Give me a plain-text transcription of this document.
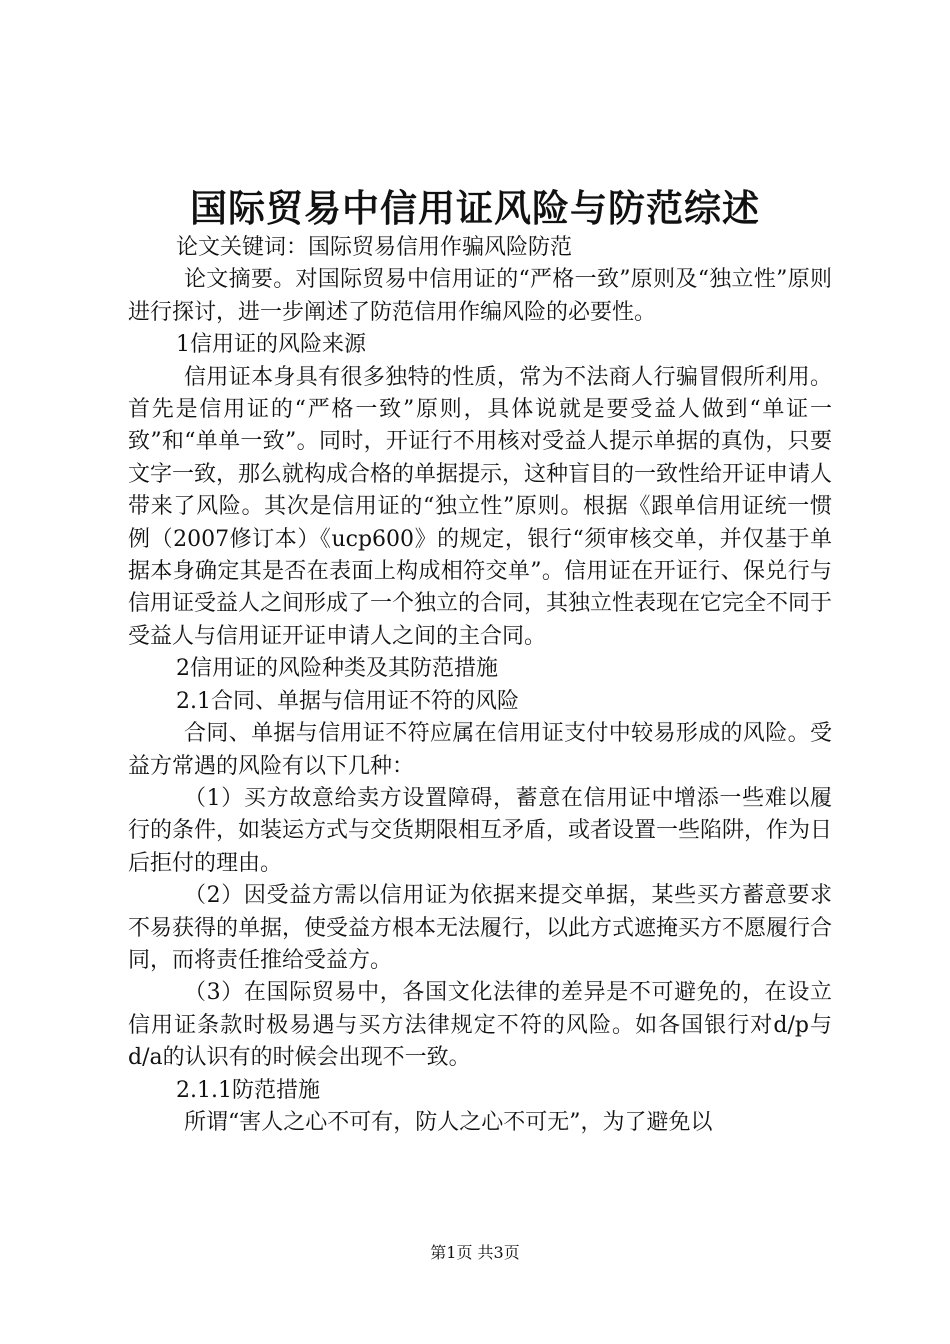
国际贸易中信用证风险与防范综述

论文关键词：国际贸易信用作骗风险防范

论文摘要。对国际贸易中信用证的“严格一致”原则及“独立性”原则进行探讨，进一步阐述了防范信用作编风险的必要性。

1信用证的风险来源

信用证本身具有很多独特的性质，常为不法商人行骗冒假所利用。首先是信用证的“严格一致”原则，具体说就是要受益人做到“单证一致”和“单单一致”。同时，开证行不用核对受益人提示单据的真伪，只要文字一致，那么就构成合格的单据提示，这种盲目的一致性给开证申请人带来了风险。其次是信用证的“独立性”原则。根据《跟单信用证统一惯例（2007修订本）《ucp600》的规定，银行“须审核交单，并仅基于单据本身确定其是否在表面上构成相符交单”。信用证在开证行、保兑行与信用证受益人之间形成了一个独立的合同，其独立性表现在它完全不同于受益人与信用证开证申请人之间的主合同。

2信用证的风险种类及其防范措施

2.1合同、单据与信用证不符的风险

合同、单据与信用证不符应属在信用证支付中较易形成的风险。受益方常遇的风险有以下几种：

（1）买方故意给卖方设置障碍，蓄意在信用证中增添一些难以履行的条件，如装运方式与交货期限相互矛盾，或者设置一些陷阱，作为日后拒付的理由。

（2）因受益方需以信用证为依据来提交单据，某些买方蓄意要求不易获得的单据，使受益方根本无法履行，以此方式遮掩买方不愿履行合同，而将责任推给受益方。

（3）在国际贸易中，各国文化法律的差异是不可避免的，在设立信用证条款时极易遇与买方法律规定不符的风险。如各国银行对d/p与d/a的认识有的时候会出现不一致。

2.1.1防范措施

所谓“害人之心不可有，防人之心不可无”，为了避免以

第1页 共3页
